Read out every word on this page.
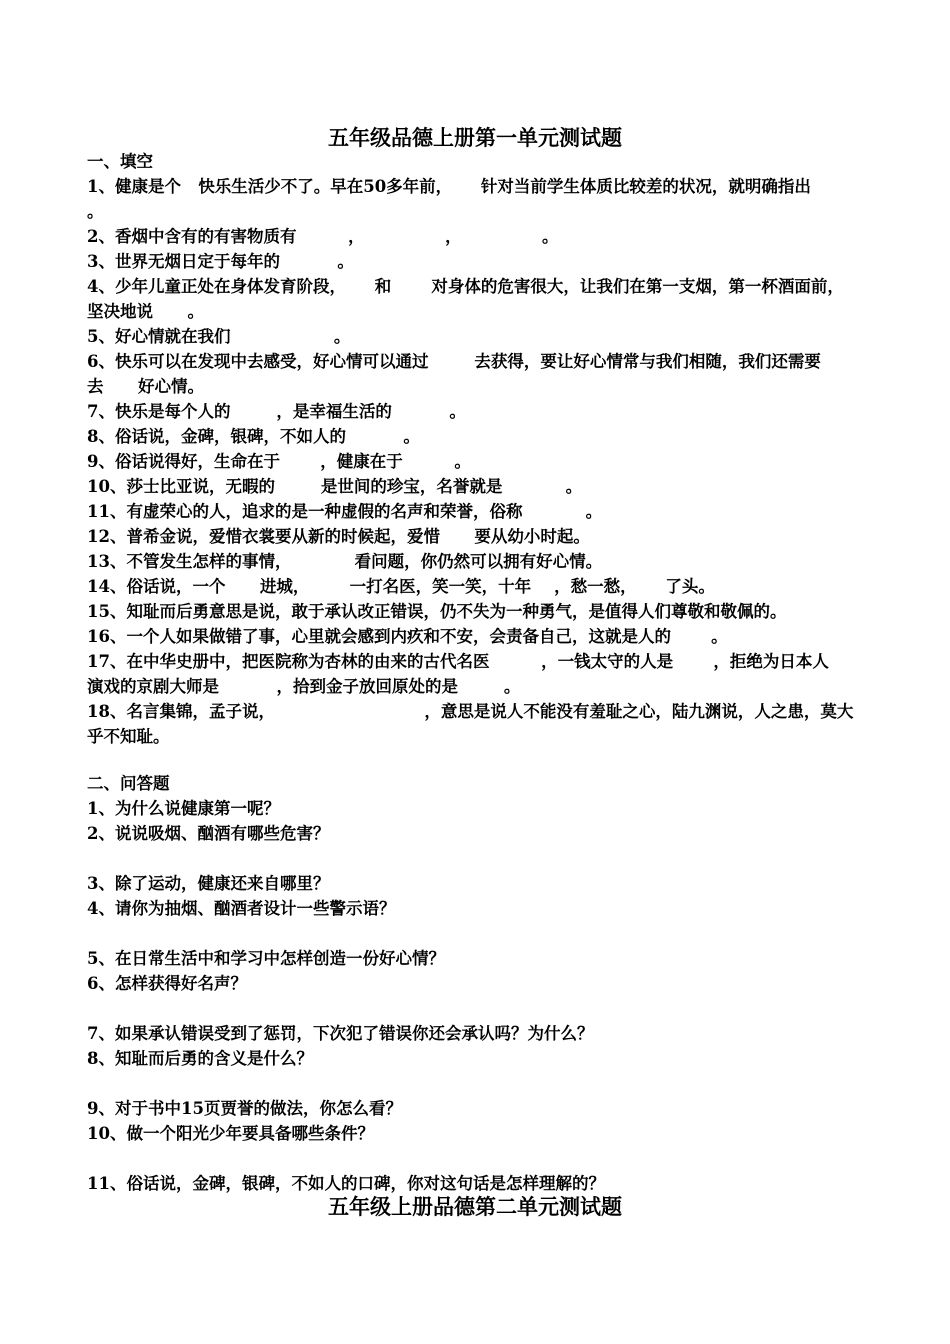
五年级品德上册第一单元测试题
一、填空
1、健康是个   快乐生活少不了。早在50多年前，     针对当前学生体质比较差的状况，就明确指出
。
2、香烟中含有的有害物质有         ，              ，              。
3、世界无烟日定于每年的          。
4、少年儿童正处在身体发育阶段，     和       对身体的危害很大，让我们在第一支烟，第一杯酒面前，
坚决地说      。
5、好心情就在我们                  。
6、快乐可以在发现中去感受，好心情可以通过        去获得，要让好心情常与我们相随，我们还需要
去      好心情。
7、快乐是每个人的        ，是幸福生活的          。
8、俗话说，金碑，银碑，不如人的          。
9、俗话说得好，生命在于       ，健康在于         。
10、莎士比亚说，无暇的        是世间的珍宝，名誉就是           。
11、有虚荣心的人，追求的是一种虚假的名声和荣誉，俗称           。
12、普希金说，爱惜衣裳要从新的时候起，爱惜      要从幼小时起。
13、不管发生怎样的事情，           看问题，你仍然可以拥有好心情。
14、俗话说，一个      进城，       一打名医，笑一笑，十年    ，愁一愁，     了头。
15、知耻而后勇意思是说，敢于承认改正错误，仍不失为一种勇气，是值得人们尊敬和敬佩的。
16、一个人如果做错了事，心里就会感到内疚和不安，会责备自己，这就是人的       。
17、在中华史册中，把医院称为杏林的由来的古代名医         ，一钱太守的人是       ，拒绝为日本人
演戏的京剧大师是          ，拾到金子放回原处的是        。
18、名言集锦，孟子说，                          ，意思是说人不能没有羞耻之心，陆九渊说，人之患，莫大
乎不知耻。
二、问答题
1、为什么说健康第一呢？
2、说说吸烟、酗酒有哪些危害？
3、除了运动，健康还来自哪里？
4、请你为抽烟、酗酒者设计一些警示语？
5、在日常生活中和学习中怎样创造一份好心情？
6、怎样获得好名声？
7、如果承认错误受到了惩罚，下次犯了错误你还会承认吗？为什么？
8、知耻而后勇的含义是什么？
9、对于书中15页贾誉的做法，你怎么看？
10、做一个阳光少年要具备哪些条件？
11、俗话说，金碑，银碑，不如人的口碑，你对这句话是怎样理解的？
五年级上册品德第二单元测试题
